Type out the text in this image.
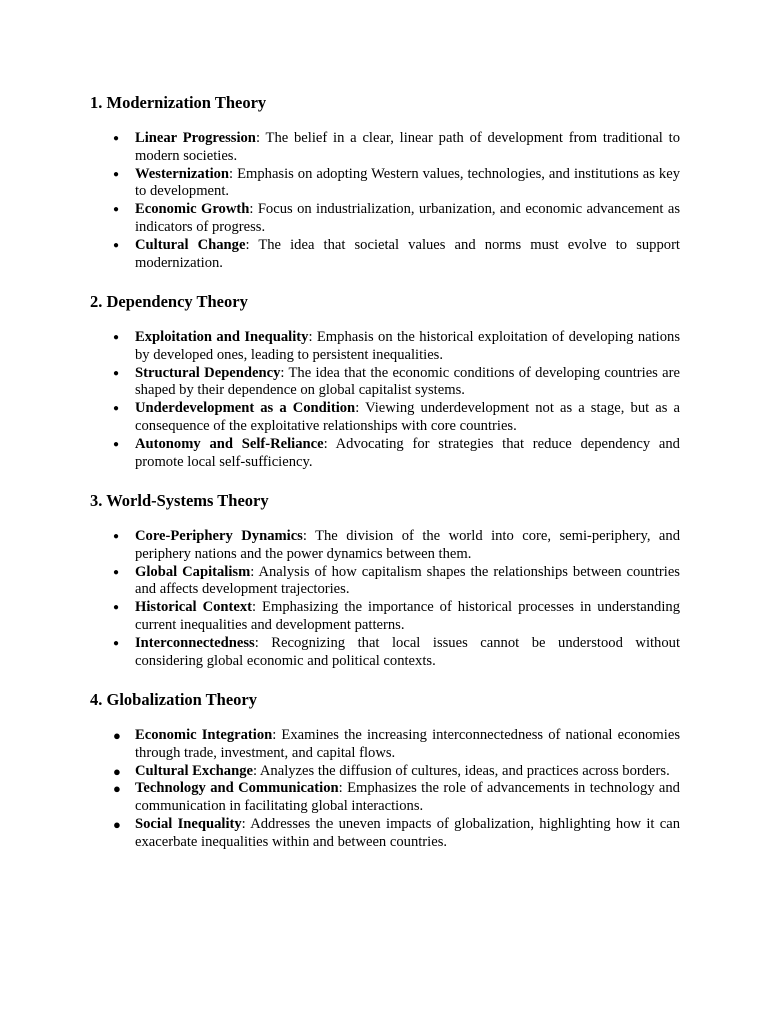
1. Modernization Theory
● Linear Progression: The belief in a clear, linear path of development from traditional to modern societies.
● Westernization: Emphasis on adopting Western values, technologies, and institutions as key to development.
● Economic Growth: Focus on industrialization, urbanization, and economic advancement as indicators of progress.
● Cultural Change: The idea that societal values and norms must evolve to support modernization.
2. Dependency Theory
● Exploitation and Inequality: Emphasis on the historical exploitation of developing nations by developed ones, leading to persistent inequalities.
● Structural Dependency: The idea that the economic conditions of developing countries are shaped by their dependence on global capitalist systems.
● Underdevelopment as a Condition: Viewing underdevelopment not as a stage, but as a consequence of the exploitative relationships with core countries.
● Autonomy and Self-Reliance: Advocating for strategies that reduce dependency and promote local self-sufficiency.
3. World-Systems Theory
● Core-Periphery Dynamics: The division of the world into core, semi-periphery, and periphery nations and the power dynamics between them.
● Global Capitalism: Analysis of how capitalism shapes the relationships between countries and affects development trajectories.
● Historical Context: Emphasizing the importance of historical processes in understanding current inequalities and development patterns.
● Interconnectedness: Recognizing that local issues cannot be understood without considering global economic and political contexts.
4. Globalization Theory
● Economic Integration: Examines the increasing interconnectedness of national economies through trade, investment, and capital flows.
● Cultural Exchange: Analyzes the diffusion of cultures, ideas, and practices across borders.
● Technology and Communication: Emphasizes the role of advancements in technology and communication in facilitating global interactions.
● Social Inequality: Addresses the uneven impacts of globalization, highlighting how it can exacerbate inequalities within and between countries.
